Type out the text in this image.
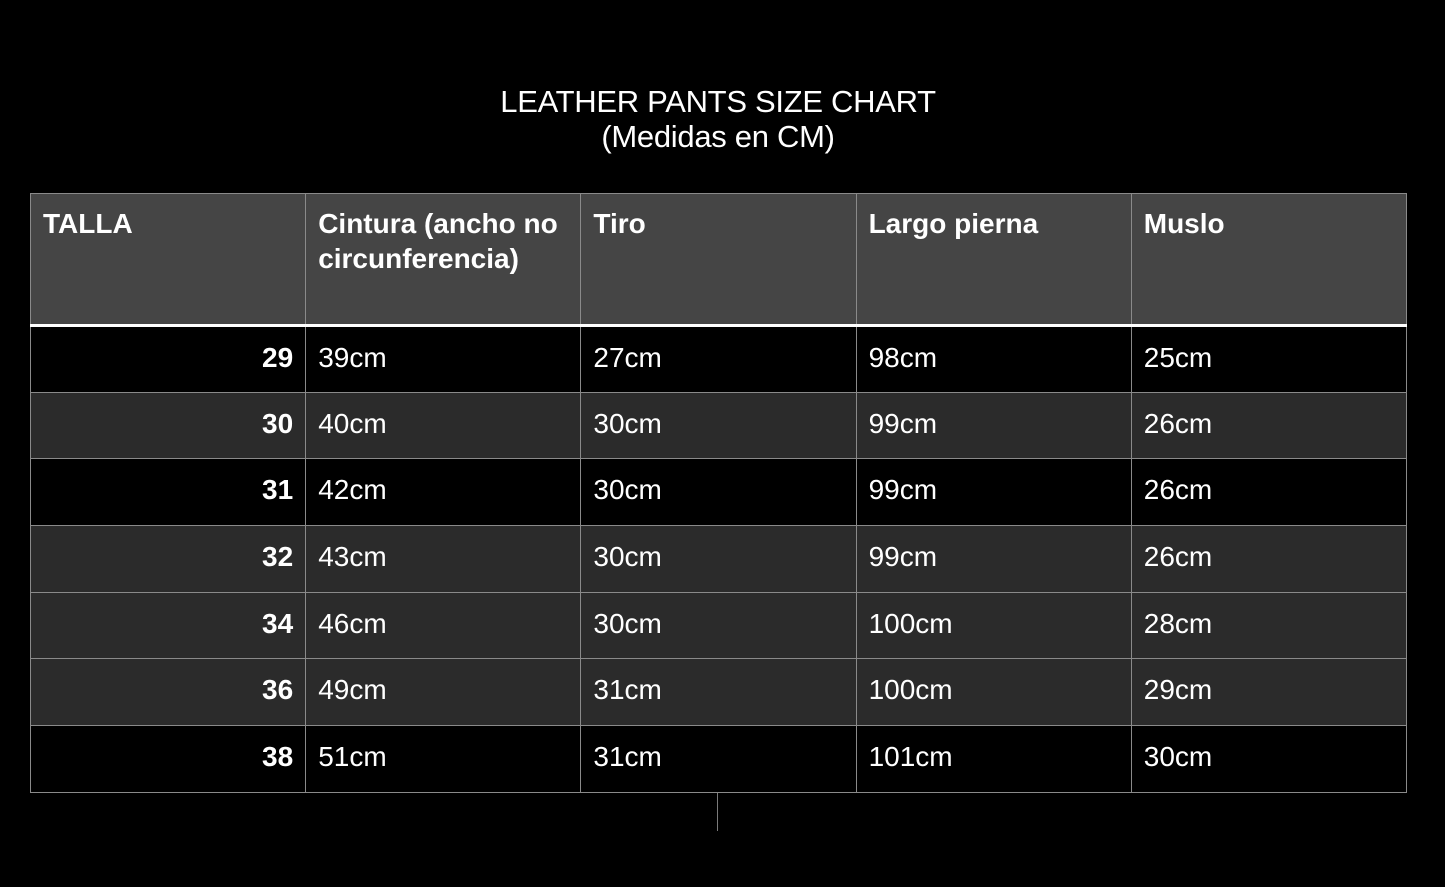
LEATHER PANTS SIZE CHART
(Medidas en CM)
TALLA	Cintura (ancho no circunferencia)	Tiro	Largo pierna	Muslo
29	39cm	27cm	98cm	25cm
30	40cm	30cm	99cm	26cm
31	42cm	30cm	99cm	26cm
32	43cm	30cm	99cm	26cm
34	46cm	30cm	100cm	28cm
36	49cm	31cm	100cm	29cm
38	51cm	31cm	101cm	30cm
